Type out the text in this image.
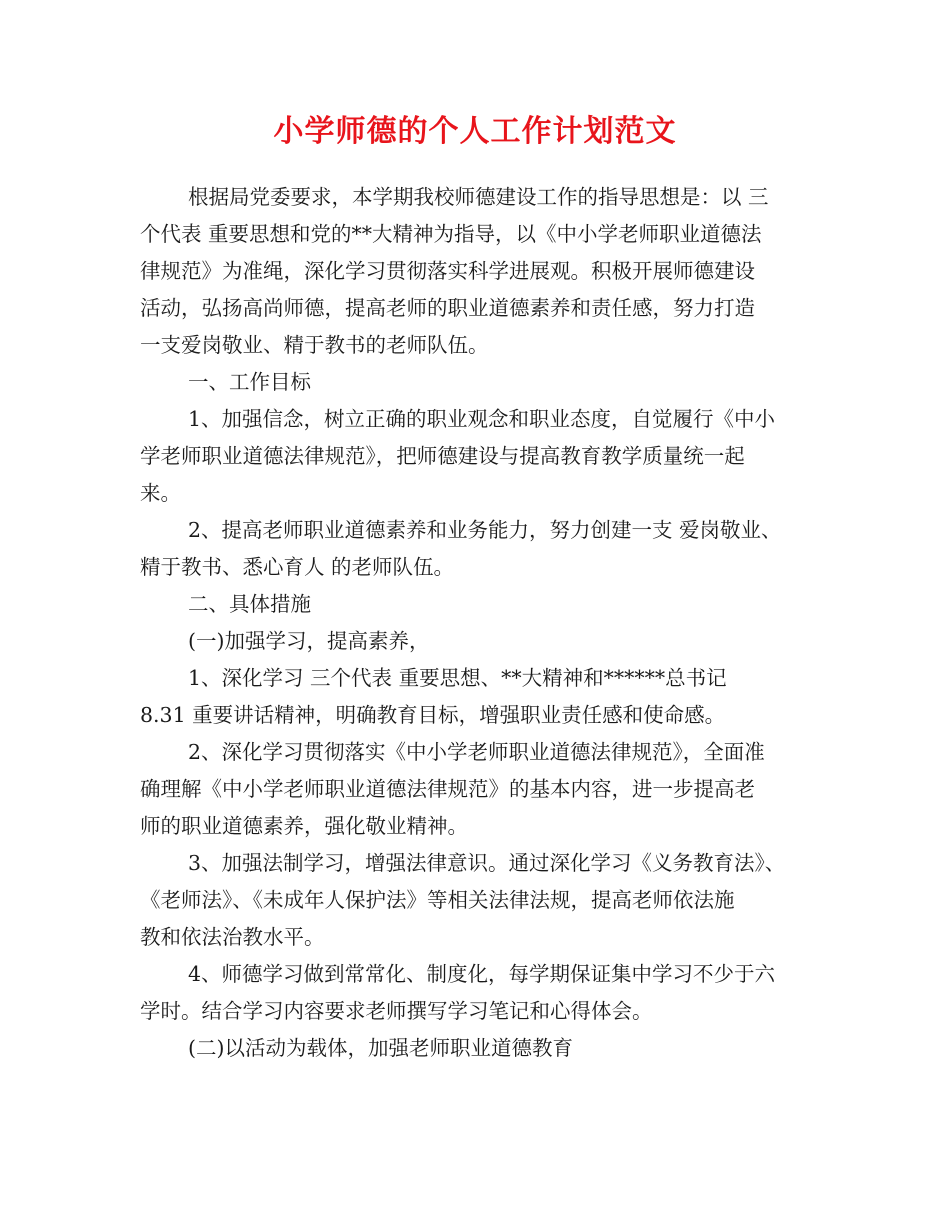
小学师德的个人工作计划范文

根据局党委要求，本学期我校师德建设工作的指导思想是：以 三

个代表 重要思想和党的**大精神为指导，以《中小学老师职业道德法

律规范》为准绳，深化学习贯彻落实科学进展观。积极开展师德建设

活动，弘扬高尚师德，提高老师的职业道德素养和责任感，努力打造

一支爱岗敬业、精于教书的老师队伍。

一、工作目标

1、加强信念，树立正确的职业观念和职业态度，自觉履行《中小

学老师职业道德法律规范》，把师德建设与提高教育教学质量统一起

来。

2、提高老师职业道德素养和业务能力，努力创建一支 爱岗敬业、

精于教书、悉心育人 的老师队伍。

二、具体措施

(一)加强学习，提高素养，

1、深化学习 三个代表 重要思想、**大精神和******总书记

8.31 重要讲话精神，明确教育目标，增强职业责任感和使命感。

2、深化学习贯彻落实《中小学老师职业道德法律规范》，全面准

确理解《中小学老师职业道德法律规范》的基本内容，进一步提高老

师的职业道德素养，强化敬业精神。

3、加强法制学习，增强法律意识。通过深化学习《义务教育法》、

《老师法》、《未成年人保护法》等相关法律法规，提高老师依法施

教和依法治教水平。

4、师德学习做到常常化、制度化，每学期保证集中学习不少于六

学时。结合学习内容要求老师撰写学习笔记和心得体会。

(二)以活动为载体，加强老师职业道德教育
